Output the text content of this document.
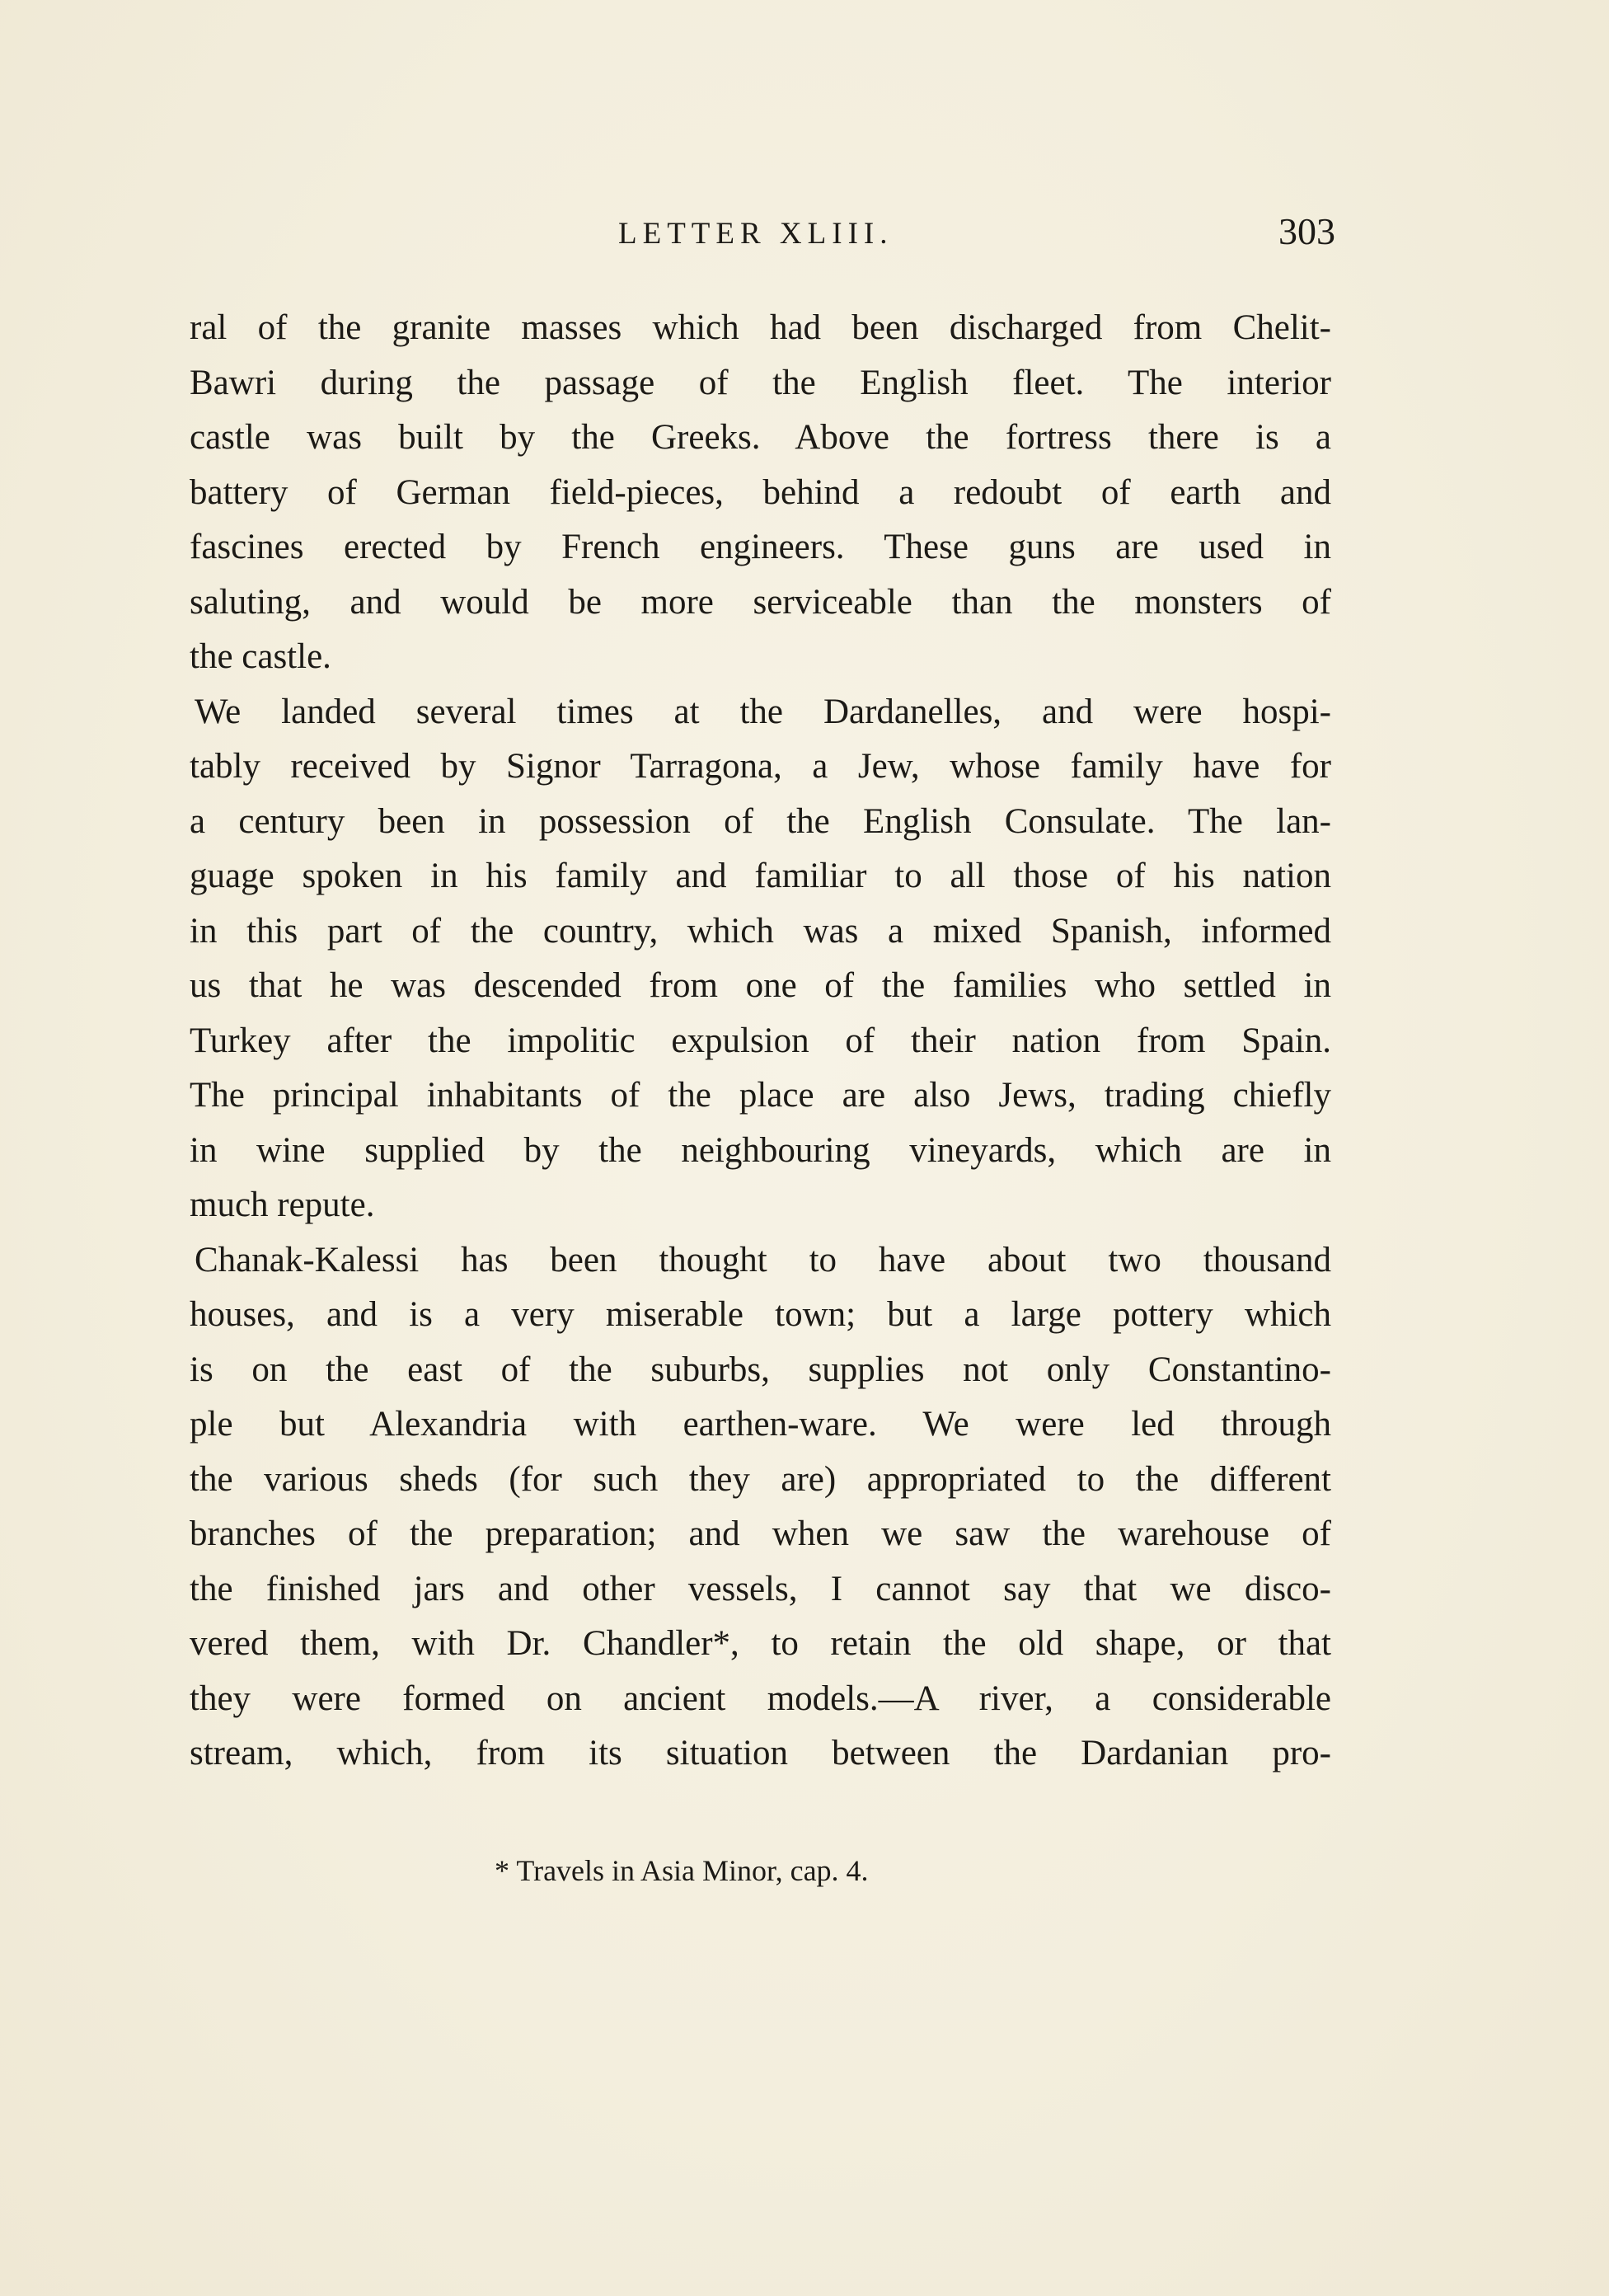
LETTER XLIII.	303
ral of the granite masses which had been discharged from Chelit-
Bawri during the passage of the English fleet. The interior
castle was built by the Greeks. Above the fortress there is a
battery of German field-pieces, behind a redoubt of earth and
fascines erected by French engineers. These guns are used in
saluting, and would be more serviceable than the monsters of
the castle.
We landed several times at the Dardanelles, and were hospi-
tably received by Signor Tarragona, a Jew, whose family have for
a century been in possession of the English Consulate. The lan-
guage spoken in his family and familiar to all those of his nation
in this part of the country, which was a mixed Spanish, informed
us that he was descended from one of the families who settled in
Turkey after the impolitic expulsion of their nation from Spain.
The principal inhabitants of the place are also Jews, trading chiefly
in wine supplied by the neighbouring vineyards, which are in
much repute.
Chanak-Kalessi has been thought to have about two thousand
houses, and is a very miserable town; but a large pottery which
is on the east of the suburbs, supplies not only Constantino-
ple but Alexandria with earthen-ware. We were led through
the various sheds (for such they are) appropriated to the different
branches of the preparation; and when we saw the warehouse of
the finished jars and other vessels, I cannot say that we disco-
vered them, with Dr. Chandler*, to retain the old shape, or that
they were formed on ancient models.—A river, a considerable
stream, which, from its situation between the Dardanian pro-
* Travels in Asia Minor, cap. 4.
